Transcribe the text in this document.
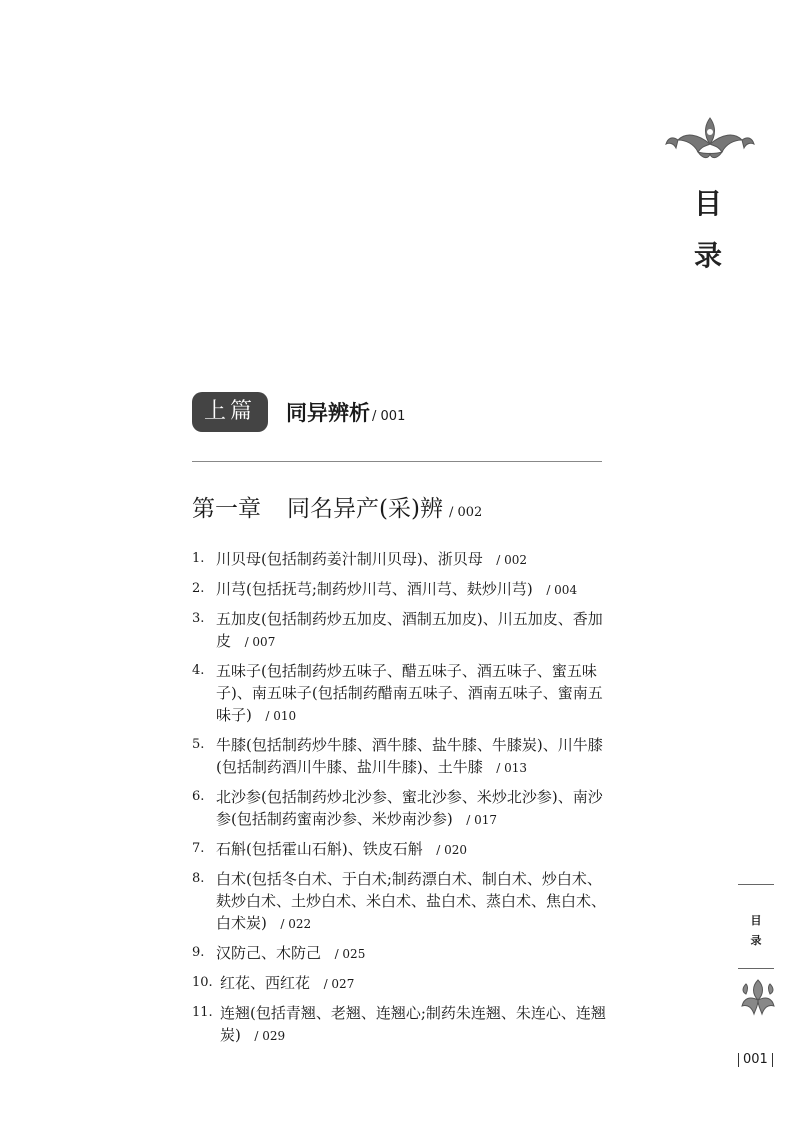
目
录
上篇	同异辨析 / 001
第一章 同名异产(采)辨 / 002
1. 川贝母(包括制药姜汁制川贝母)、浙贝母 / 002
2. 川芎(包括抚芎;制药炒川芎、酒川芎、麸炒川芎) / 004
3. 五加皮(包括制药炒五加皮、酒制五加皮)、川五加皮、香加皮 / 007
4. 五味子(包括制药炒五味子、醋五味子、酒五味子、蜜五味子)、南五味子(包括制药醋南五味子、酒南五味子、蜜南五味子) / 010
5. 牛膝(包括制药炒牛膝、酒牛膝、盐牛膝、牛膝炭)、川牛膝(包括制药酒川牛膝、盐川牛膝)、土牛膝 / 013
6. 北沙参(包括制药炒北沙参、蜜北沙参、米炒北沙参)、南沙参(包括制药蜜南沙参、米炒南沙参) / 017
7. 石斛(包括霍山石斛)、铁皮石斛 / 020
8. 白术(包括冬白术、于白术;制药漂白术、制白术、炒白术、麸炒白术、土炒白术、米白术、盐白术、蒸白术、焦白术、白术炭) / 022
9. 汉防己、木防己 / 025
10. 红花、西红花 / 027
11. 连翘(包括青翘、老翘、连翘心;制药朱连翘、朱连心、连翘炭) / 029
目
录
001
